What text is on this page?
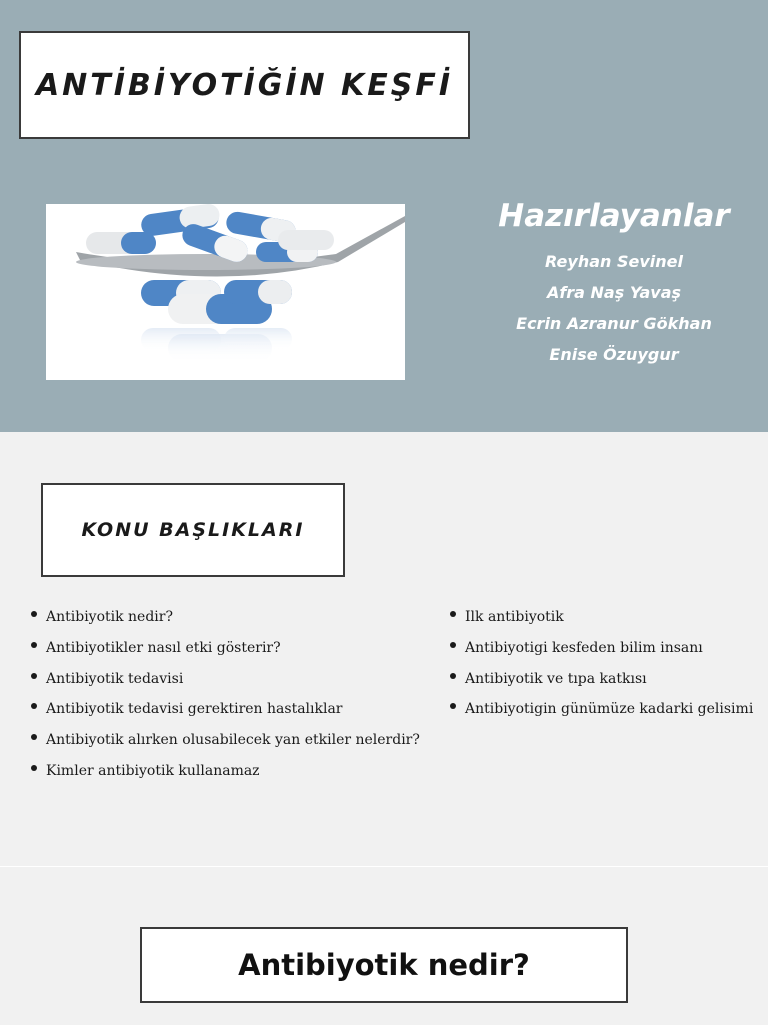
ANTİBİYOTİĞİN KEŞFİ
Hazırlayanlar
Reyhan Sevinel
Afra Naş Yavaş
Ecrin Azranur Gökhan
Enise Özuygur
KONU BAŞLIKLARI
Antibiyotik nedir?
Antibiyotikler nasıl etki gösterir?
Antibiyotik tedavisi
Antibiyotik tedavisi gerektiren hastalıklar
Antibiyotik alırken olusabilecek yan etkiler nelerdir?
Kimler antibiyotik kullanamaz
Ilk antibiyotik
Antibiyotigi kesfeden bilim insanı
Antibiyotik ve tıpa katkısı
Antibiyotigin günümüze kadarki gelisimi
Antibiyotik nedir?
